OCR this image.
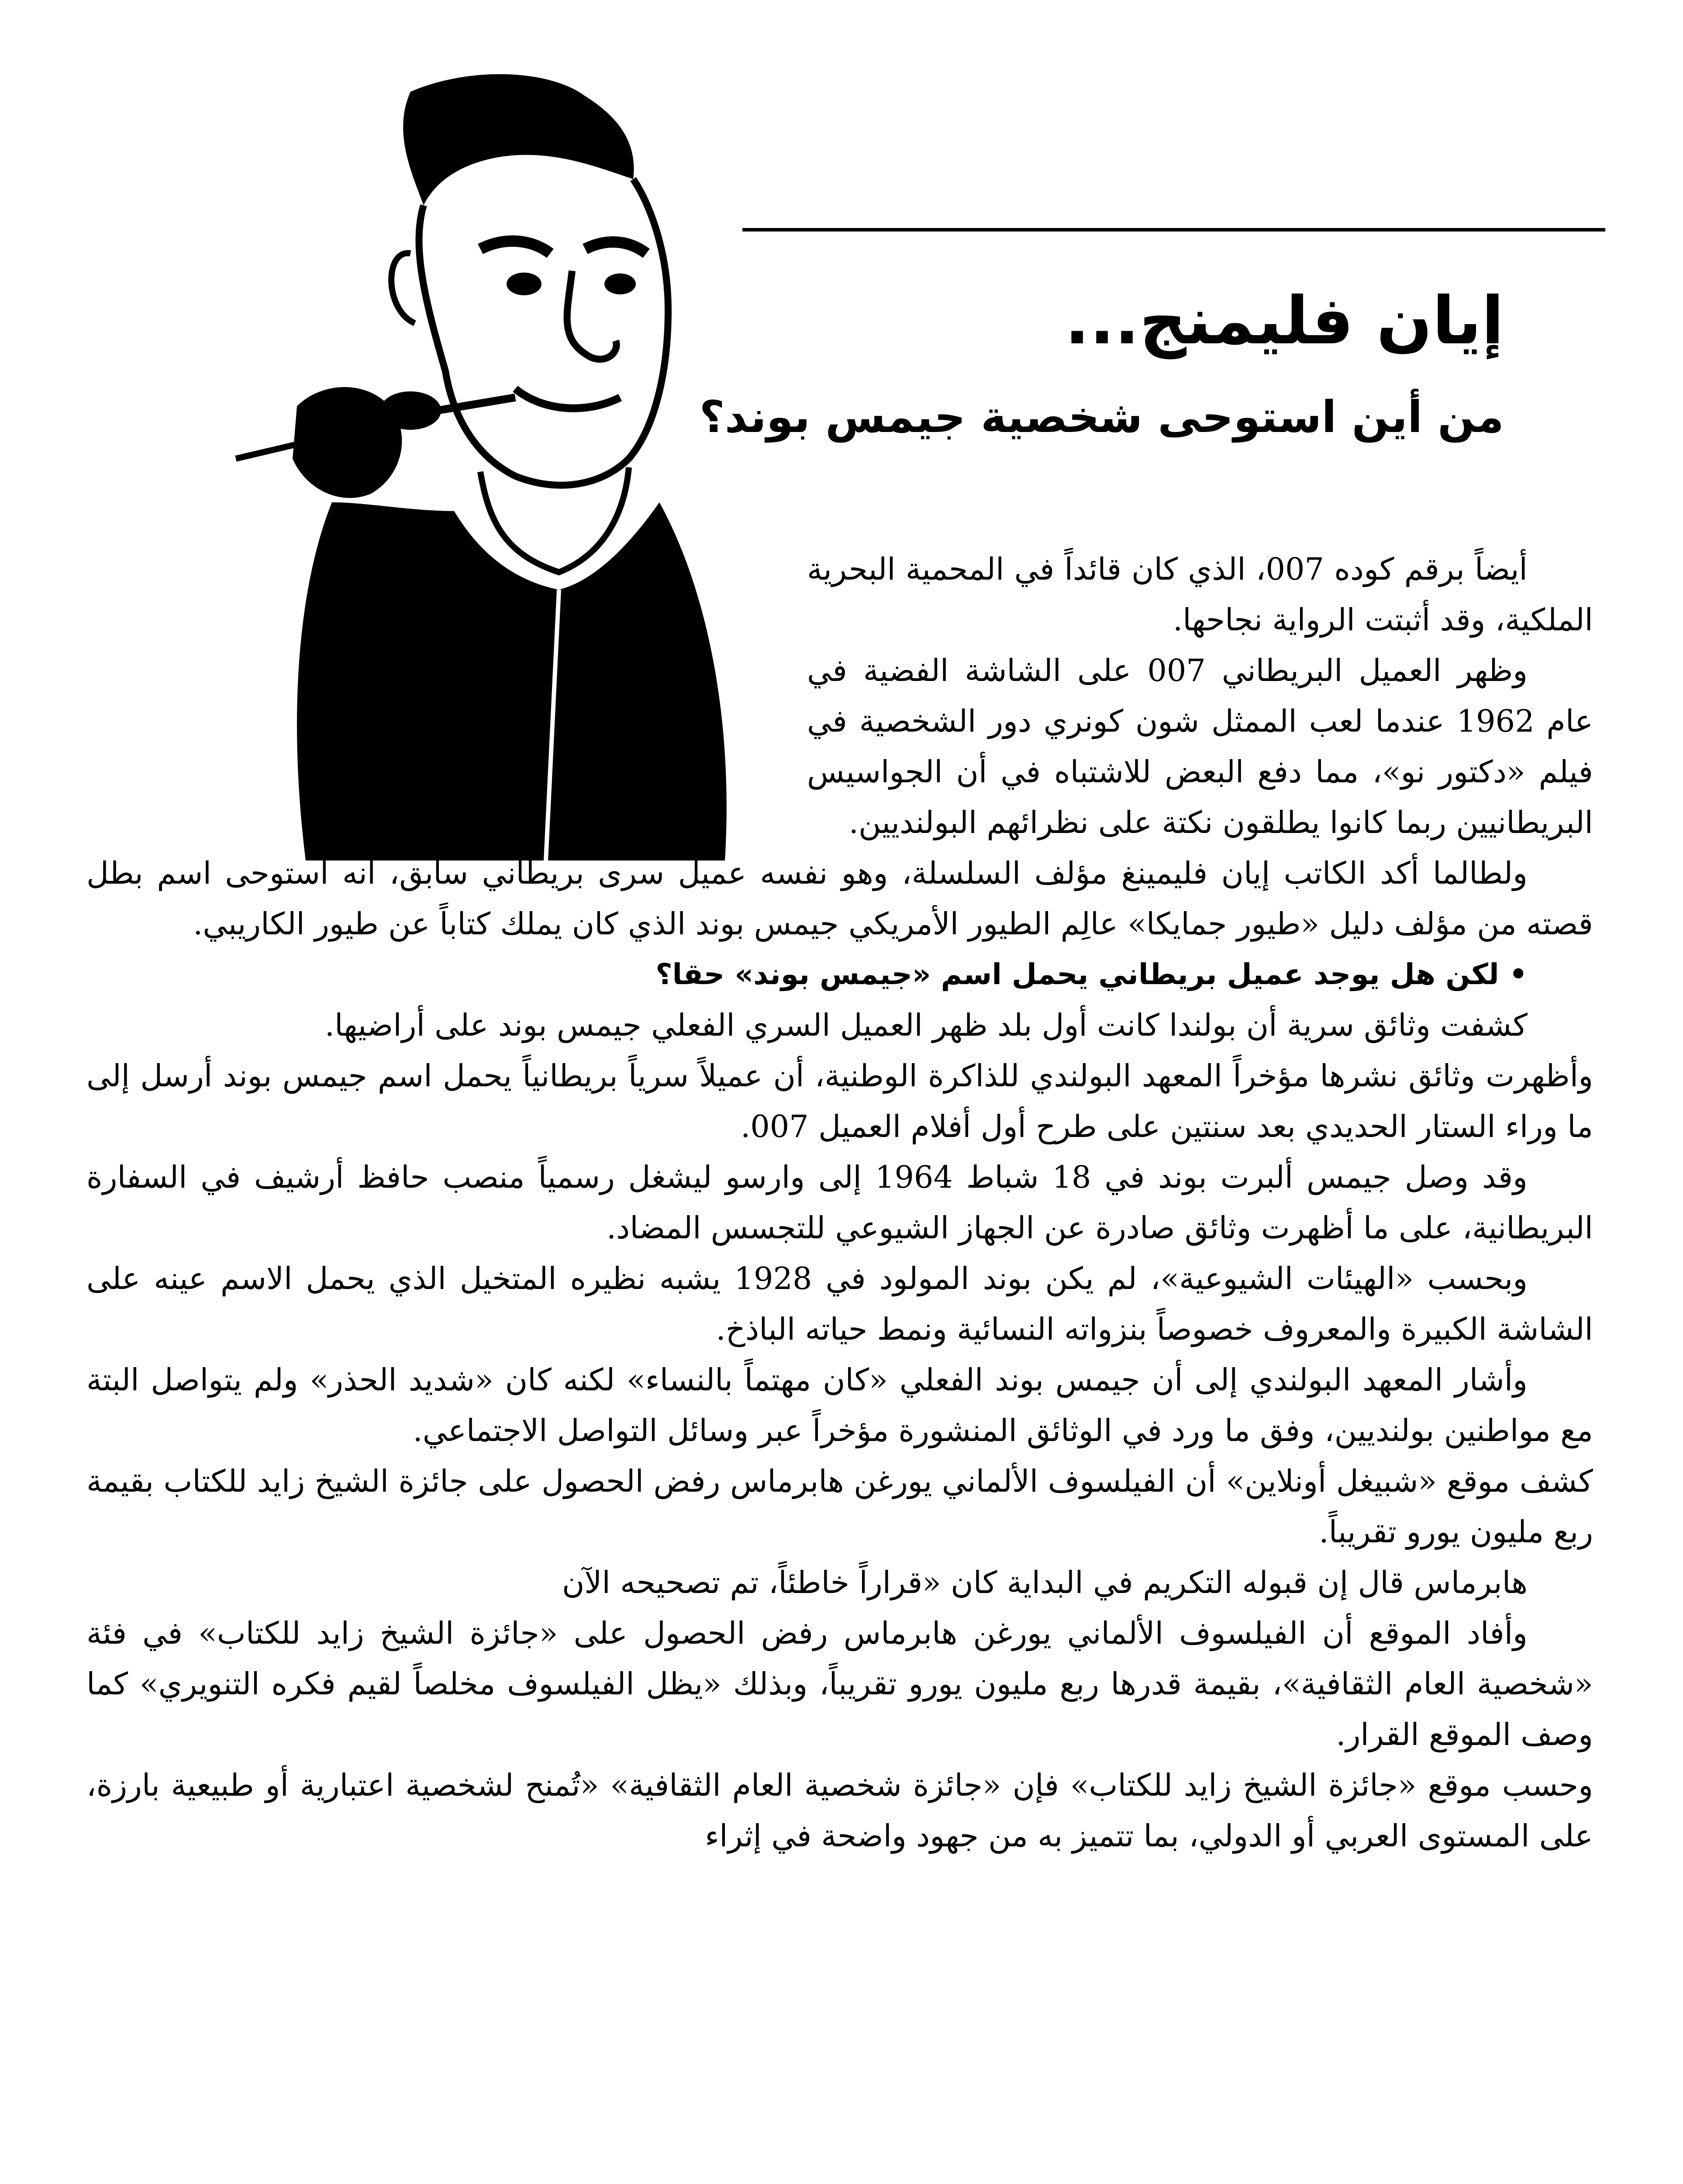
إيان فليمنج...
من أين استوحى شخصية جيمس بوند؟

أيضاً برقم كوده 007، الذي كان قائداً في المحمية البحرية الملكية، وقد أثبتت الرواية نجاحها.

وظهر العميل البريطاني 007 على الشاشة الفضية في عام 1962 عندما لعب الممثل شون كونري دور الشخصية في فيلم «دكتور نو»، مما دفع البعض للاشتباه في أن الجواسيس البريطانيين ربما كانوا يطلقون نكتة على نظرائهم البولنديين.

ولطالما أكد الكاتب إيان فليمينغ مؤلف السلسلة، وهو نفسه عميل سرى بريطاني سابق، أنه استوحى اسم بطل قصته من مؤلف دليل «طيور جمايكا» عالِم الطيور الأمريكي جيمس بوند الذي كان يملك كتاباً عن طيور الكاريبي.

• لكن هل يوجد عميل بريطاني يحمل اسم «جيمس بوند» حقا؟

كشفت وثائق سرية أن بولندا كانت أول بلد ظهر العميل السري الفعلي جيمس بوند على أراضيها.

وأظهرت وثائق نشرها مؤخراً المعهد البولندي للذاكرة الوطنية، أن عميلاً سرياً بريطانياً يحمل اسم جيمس بوند أرسل إلى ما وراء الستار الحديدي بعد سنتين على طرح أول أفلام العميل 007.

وقد وصل جيمس ألبرت بوند في 18 شباط 1964 إلى وارسو ليشغل رسمياً منصب حافظ أرشيف في السفارة البريطانية، على ما أظهرت وثائق صادرة عن الجهاز الشيوعي للتجسس المضاد.

وبحسب «الهيئات الشيوعية»، لم يكن بوند المولود في 1928 يشبه نظيره المتخيل الذي يحمل الاسم عينه على الشاشة الكبيرة والمعروف خصوصاً بنزواته النسائية ونمط حياته الباذخ.

وأشار المعهد البولندي إلى أن جيمس بوند الفعلي «كان مهتماً بالنساء» لكنه كان «شديد الحذر» ولم يتواصل البتة مع مواطنين بولنديين، وفق ما ورد في الوثائق المنشورة مؤخراً عبر وسائل التواصل الاجتماعي.

كشف موقع «شبيغل أونلاين» أن الفيلسوف الألماني يورغن هابرماس رفض الحصول على جائزة الشيخ زايد للكتاب بقيمة ربع مليون يورو تقريباً.

هابرماس قال إن قبوله التكريم في البداية كان «قراراً خاطئاً، تم تصحيحه الآن

وأفاد الموقع أن الفيلسوف الألماني يورغن هابرماس رفض الحصول على «جائزة الشيخ زايد للكتاب» في فئة «شخصية العام الثقافية»، بقيمة قدرها ربع مليون يورو تقريباً، وبذلك «يظل الفيلسوف مخلصاً لقيم فكره التنويري» كما وصف الموقع القرار.

وحسب موقع «جائزة الشيخ زايد للكتاب» فإن «جائزة شخصية العام الثقافية» «تُمنح لشخصية اعتبارية أو طبيعية بارزة، على المستوى العربي أو الدولي، بما تتميز به من جهود واضحة في إثراء
